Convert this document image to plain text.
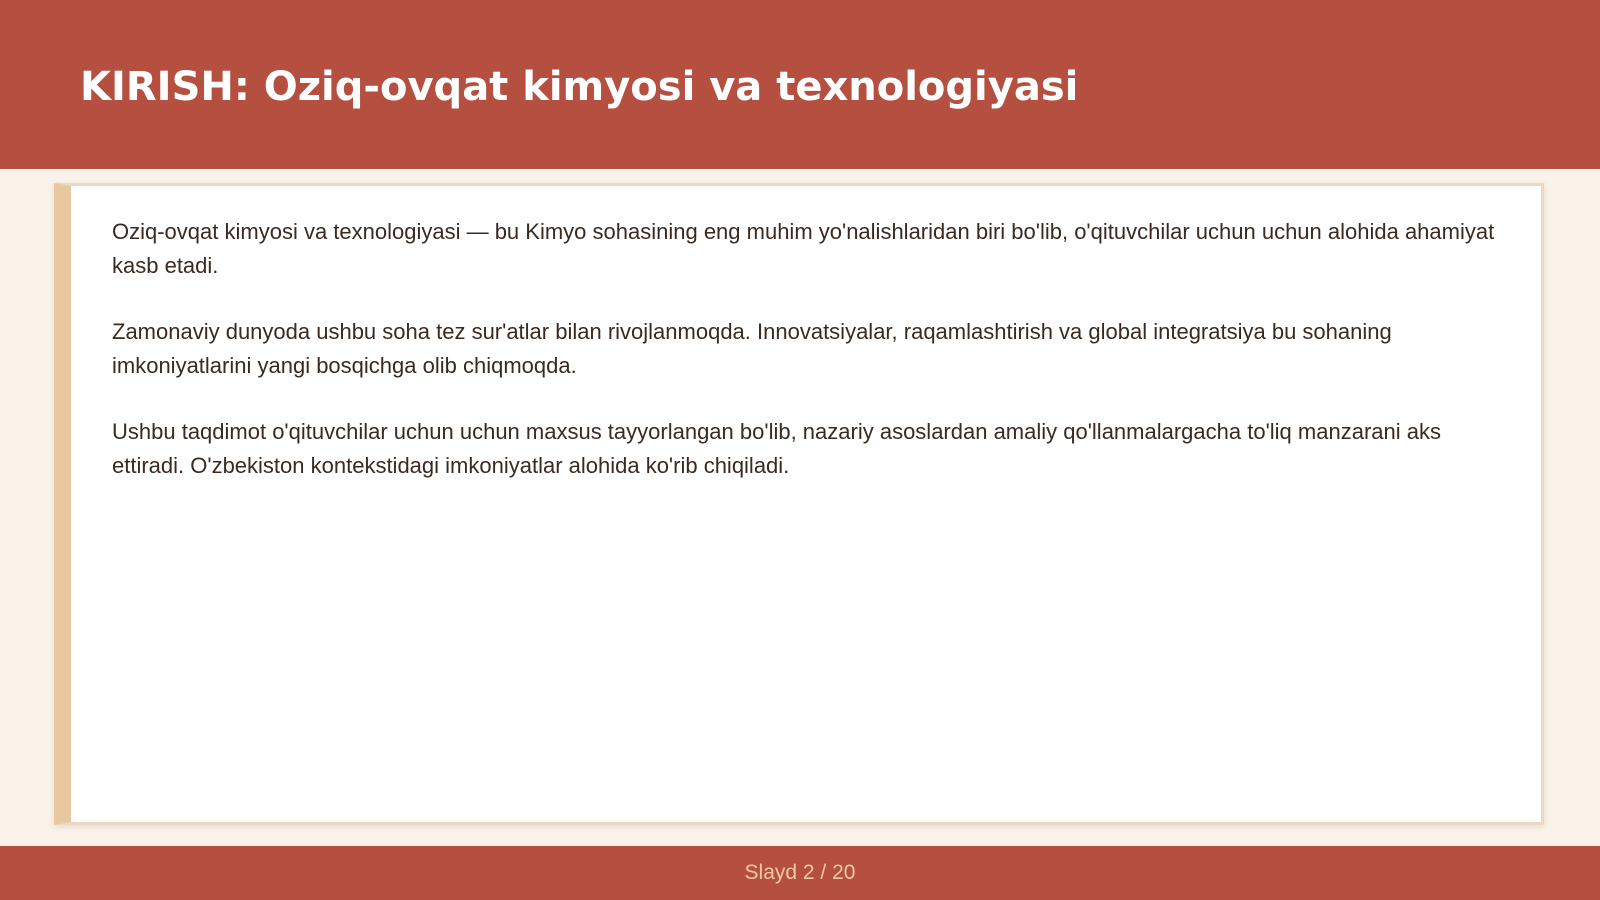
KIRISH: Oziq-ovqat kimyosi va texnologiyasi

Oziq-ovqat kimyosi va texnologiyasi — bu Kimyo sohasining eng muhim yo'nalishlaridan biri bo'lib, o'qituvchilar uchun uchun alohida ahamiyat kasb etadi.

Zamonaviy dunyoda ushbu soha tez sur'atlar bilan rivojlanmoqda. Innovatsiyalar, raqamlashtirish va global integratsiya bu sohaning imkoniyatlarini yangi bosqichga olib chiqmoqda.

Ushbu taqdimot o'qituvchilar uchun uchun maxsus tayyorlangan bo'lib, nazariy asoslardan amaliy qo'llanmalargacha to'liq manzarani aks ettiradi. O'zbekiston kontekstidagi imkoniyatlar alohida ko'rib chiqiladi.

Slayd 2 / 20
